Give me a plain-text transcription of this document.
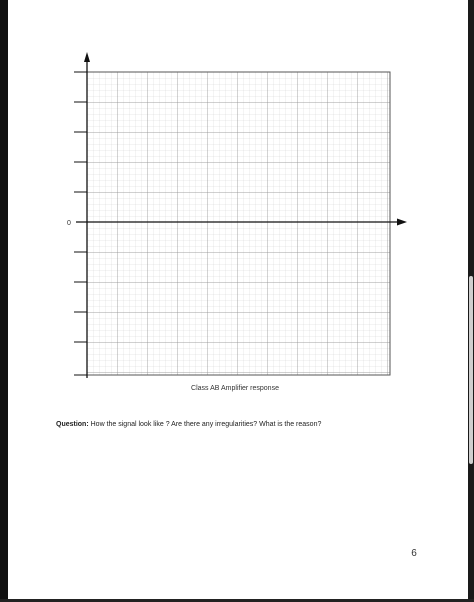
0
Class AB Amplifier response
Question: How the signal look like ? Are there any irregularities? What is the reason?
6
